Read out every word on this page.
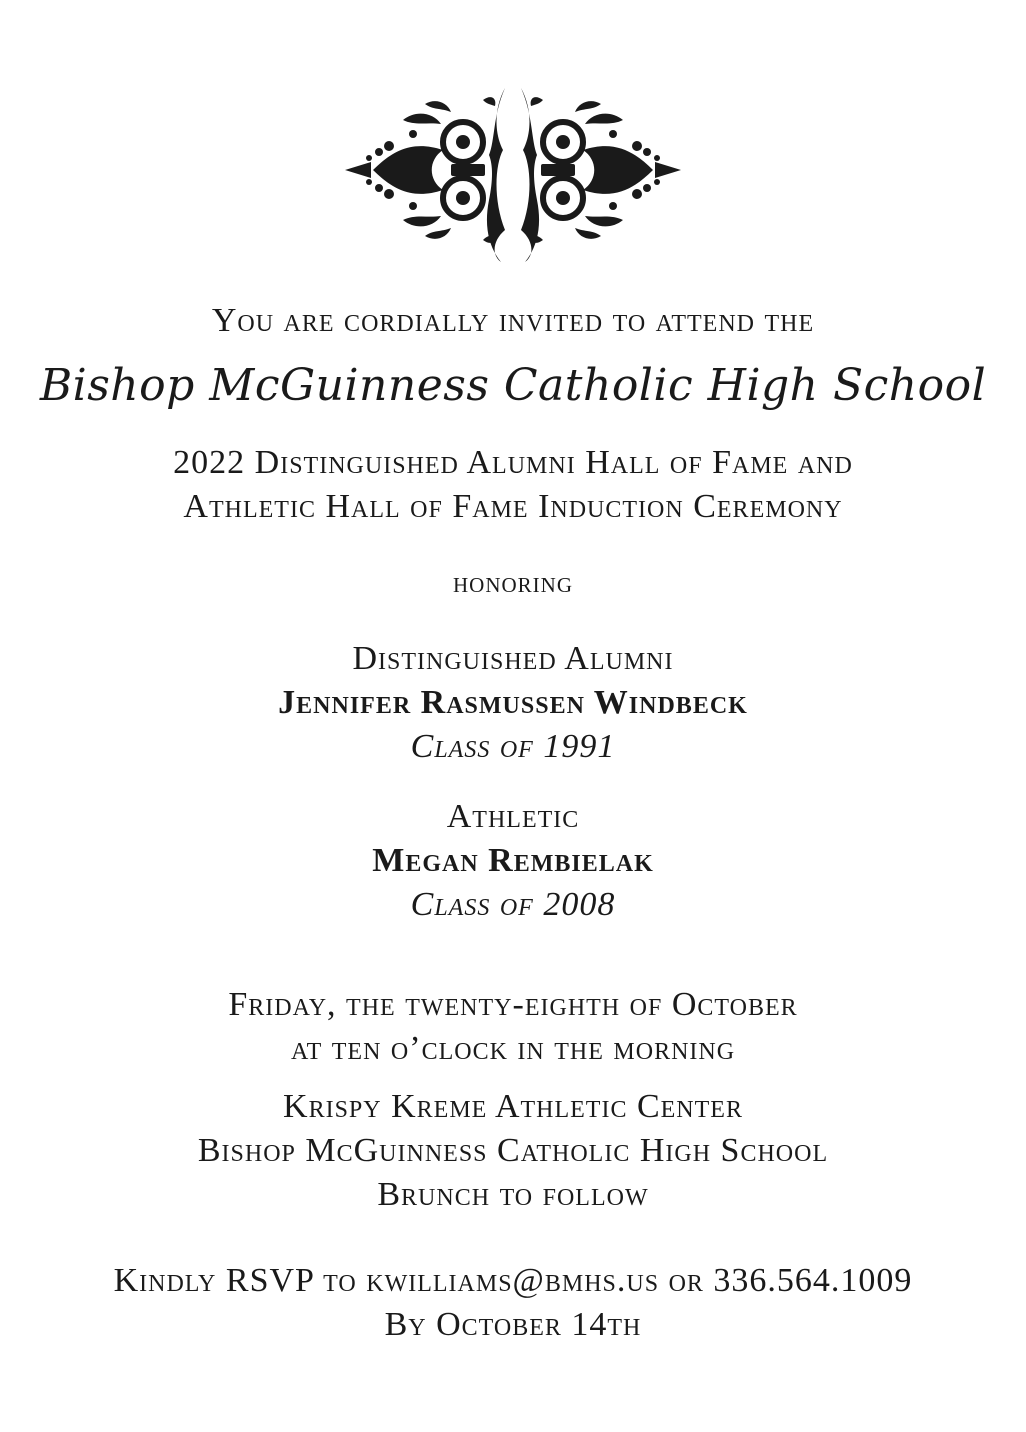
You are cordially invited to attend the
Bishop McGuinness Catholic High School
2022 Distinguished Alumni Hall of Fame and
Athletic Hall of Fame Induction Ceremony
honoring
Distinguished Alumni
Jennifer Rasmussen Windbeck
Class of 1991
Athletic
Megan Rembielak
Class of 2008
Friday, the twenty-eighth of October
at ten o’clock in the morning
Krispy Kreme Athletic Center
Bishop McGuinness Catholic High School
Brunch to follow
Kindly RSVP to kwilliams@bmhs.us or 336.564.1009
By October 14th
